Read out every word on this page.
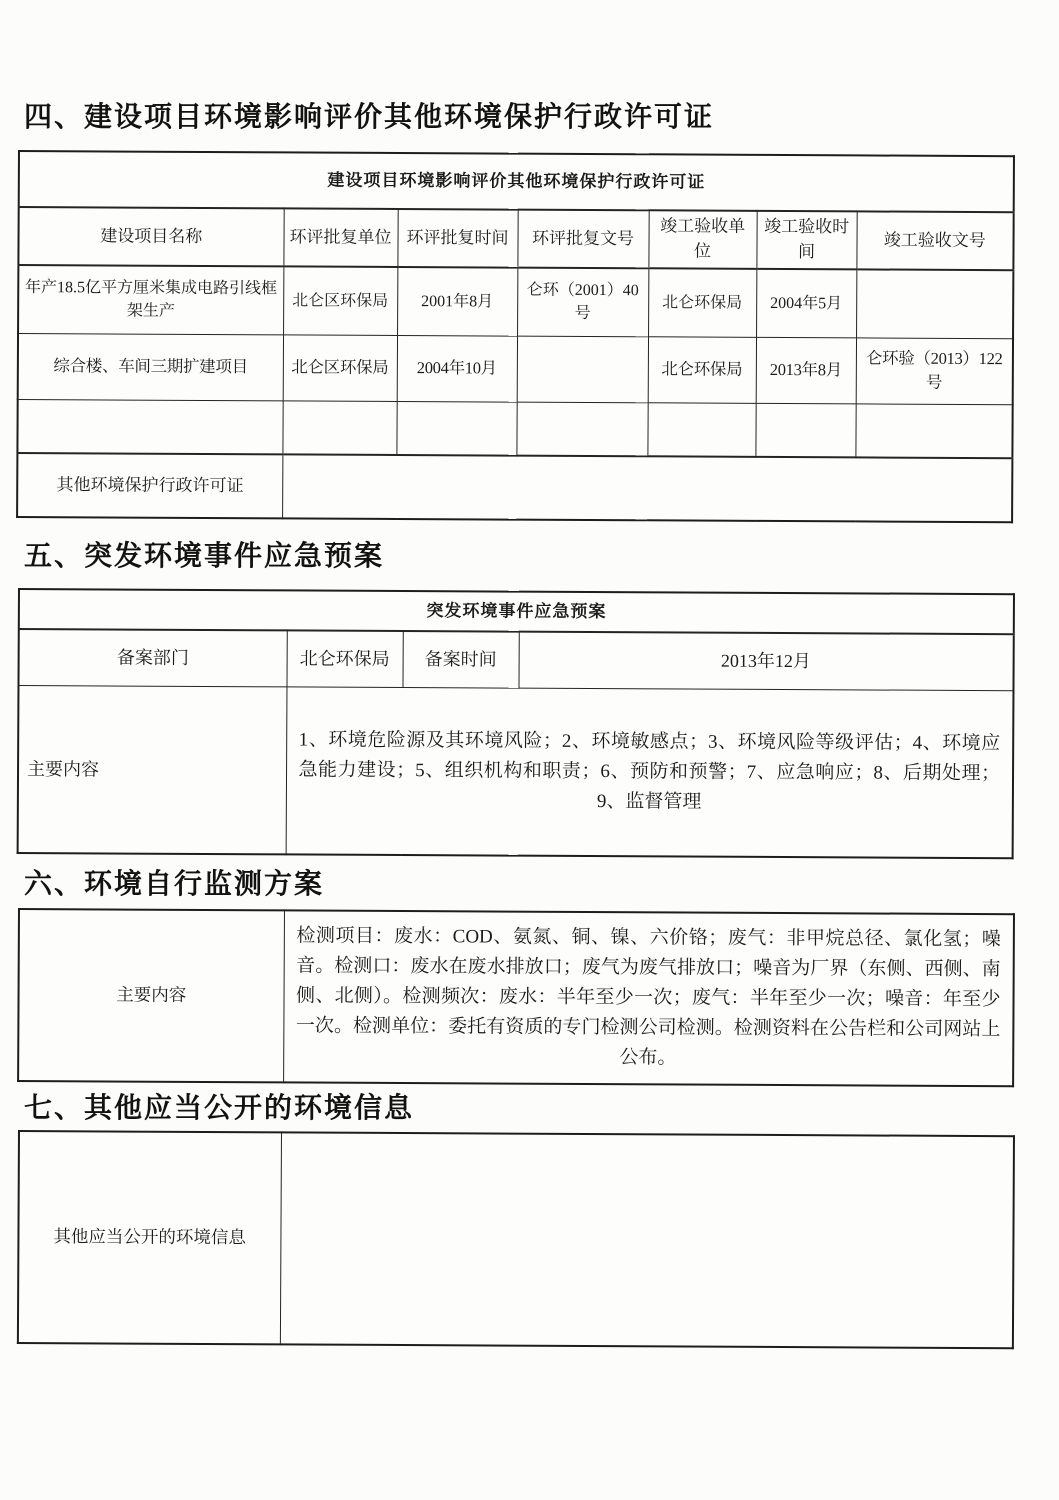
四、建设项目环境影响评价其他环境保护行政许可证
建设项目环境影响评价其他环境保护行政许可证						
建设项目名称	环评批复单位	环评批复时间	环评批复文号	竣工验收单位	竣工验收时间	竣工验收文号
年产18.5亿平方厘米集成电路引线框架生产	北仑区环保局	2001年8月	仑环（2001）40号	北仑环保局	2004年5月	
综合楼、车间三期扩建项目	北仑区环保局	2004年10月		北仑环保局	2013年8月	仑环验（2013）122号

其他环境保护行政许可证						
五、突发环境事件应急预案
突发环境事件应急预案			
备案部门	北仑环保局	备案时间	2013年12月
主要内容	1、环境危险源及其环境风险；2、环境敏感点；3、环境风险等级评估；4、环境应急能力建设；5、组织机构和职责；6、预防和预警；7、应急响应；8、后期处理；9、监督管理		
六、环境自行监测方案
主要内容	检测项目：废水：COD、氨氮、铜、镍、六价铬；废气：非甲烷总径、氯化氢；噪音。检测口：废水在废水排放口；废气为废气排放口；噪音为厂界（东侧、西侧、南侧、北侧）。检测频次：废水：半年至少一次；废气：半年至少一次；噪音：年至少一次。检测单位：委托有资质的专门检测公司检测。检测资料在公告栏和公司网站上公布。
七、其他应当公开的环境信息
其他应当公开的环境信息	
